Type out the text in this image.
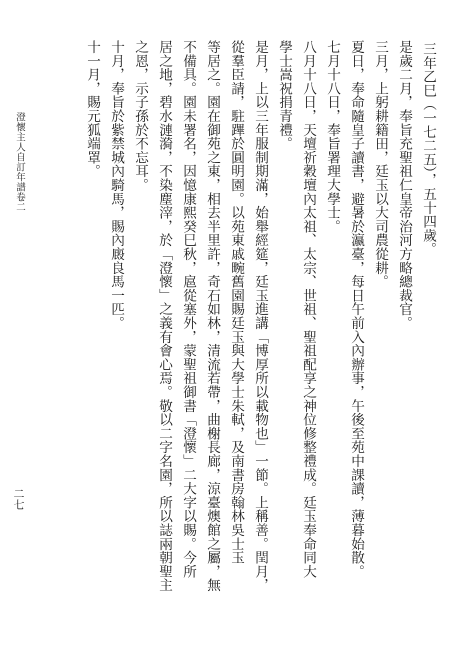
三年乙巳（一七二五），五十四歲。
是歲二月，奉旨充聖祖仁皇帝治河方略總裁官。
三月，上躬耕籍田，廷玉以大司農從耕。
夏日，奉命隨皇子讀書，避暑於瀛臺，每日午前入內辦事，午後至苑中課讀，薄暮始散。
七月十八日，奉旨署理大學士。
八月十八日，天壇祈穀壇內太祖、太宗、世祖、聖祖配享之神位修整禮成。廷玉奉命同大
學士嵩祝捐青禮。
是月，上以三年服制期滿，始舉經筵，廷玉進講「博厚所以載物也」一節。上稱善。閏月，
從羣臣請，駐蹕於圓明園。以苑東戚畹舊園賜廷玉與大學士朱軾，及南書房翰林吳士玉
等居之。園在御苑之東，相去半里許，奇石如林，清流若帶，曲榭長廊，涼臺燠館之屬，無
不備具。園未署名，因憶康熙癸巳秋，扈從塞外，蒙聖祖御書「澄懷」二大字以賜。今所
居之地，碧水漣漪，不染塵滓，於「澄懷」之義有會心焉。敬以二字名園，所以誌兩朝聖主
之恩，示子孫於不忘耳。
十月，奉旨於紫禁城內騎馬，賜內廄良馬一匹。
十一月，賜元狐端罩。
澄懷主人自訂年譜卷二
二七
